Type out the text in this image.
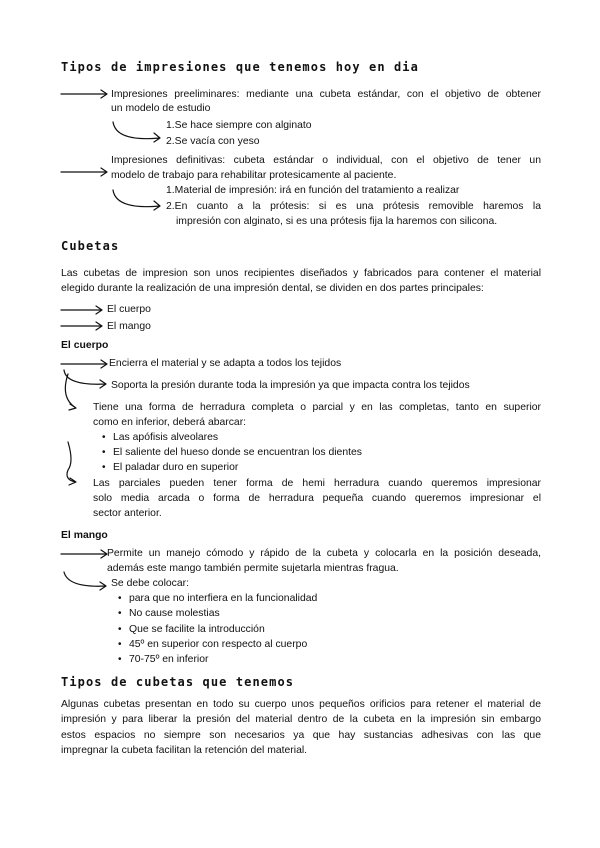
Tipos de impresiones que tenemos hoy en dia
Impresiones preeliminares: mediante una cubeta estándar, con el objetivo de obtener
un modelo de estudio
1.Se hace siempre con alginato
2.Se vacía con yeso
Impresiones definitivas: cubeta estándar o individual, con el objetivo de tener un
modelo de trabajo para rehabilitar protesicamente al paciente.
1.Material de impresión: irá en función del tratamiento a realizar
2.En cuanto a la prótesis: si es una prótesis removible haremos la
impresión con alginato, si es una prótesis fija la haremos con silicona.
Cubetas
Las cubetas de impresion son unos recipientes diseñados y fabricados para contener el material
elegido durante la realización de una impresión dental, se dividen en dos partes principales:
El cuerpo
El mango
El cuerpo
Encierra el material y se adapta a todos los tejidos
Soporta la presión durante toda la impresión ya que impacta contra los tejidos
Tiene una forma de herradura completa o parcial y en las completas, tanto en superior
como en inferior, deberá abarcar:
• Las apófisis alveolares
• El saliente del hueso donde se encuentran los dientes
• El paladar duro en superior
Las parciales pueden tener forma de hemi herradura cuando queremos impresionar
solo media arcada o forma de herradura pequeña cuando queremos impresionar el
sector anterior.
El mango
Permite un manejo cómodo y rápido de la cubeta y colocarla en la posición deseada,
además este mango también permite sujetarla mientras fragua.
Se debe colocar:
• para que no interfiera en la funcionalidad
• No cause molestias
• Que se facilite la introducción
• 45º en superior con respecto al cuerpo
• 70-75º en inferior
Tipos de cubetas que tenemos
Algunas cubetas presentan en todo su cuerpo unos pequeños orificios para retener el material de
impresión y para liberar la presión del material dentro de la cubeta en la impresión sin embargo
estos espacios no siempre son necesarios ya que hay sustancias adhesivas con las que
impregnar la cubeta facilitan la retención del material.
